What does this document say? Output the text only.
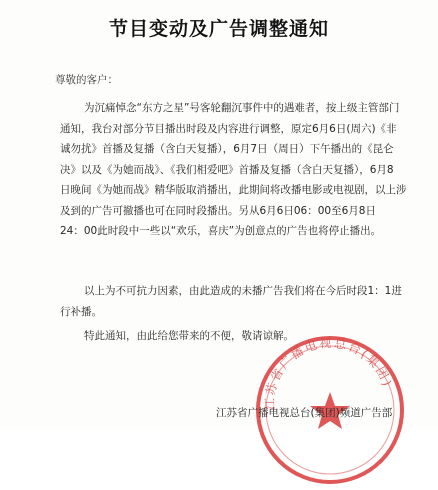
节目变动及广告调整通知
尊敬的客户：
为沉痛悼念“东方之星”号客轮翻沉事件中的遇难者，按上级主管部门
通知，我台对部分节目播出时段及内容进行调整，原定6月6日(周六)《非
诚勿扰》首播及复播（含白天复播），6月7日（周日）下午播出的《昆仑
决》以及《为她而战》、《我们相爱吧》首播及复播（含白天复播），6月8
日晚间《为她而战》精华版取消播出，此期间将改播电影或电视剧，以上涉
及到的广告可撤播也可在同时段播出。另从6月6日06：00至6月8日
24：00此时段中一些以“欢乐，喜庆”为创意点的广告也将停止播出。
以上为不可抗力因素，由此造成的未播广告我们将在今后时段1：1进
行补播。
特此通知，由此给您带来的不便，敬请谅解。
江苏省广播电视总台(集团)
江苏省广播电视总台(集团)频道广告部
